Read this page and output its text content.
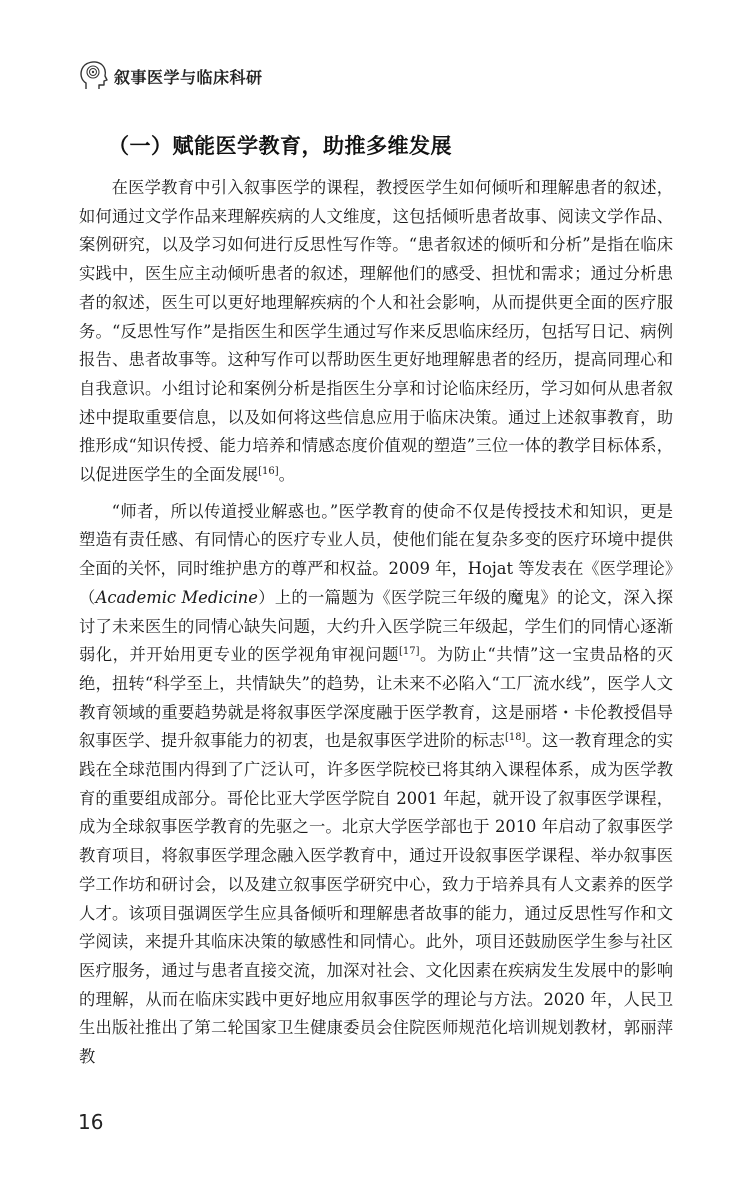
叙事医学与临床科研
（一）赋能医学教育，助推多维发展

在医学教育中引入叙事医学的课程，教授医学生如何倾听和理解患者的叙述，如何通过文学作品来理解疾病的人文维度，这包括倾听患者故事、阅读文学作品、案例研究，以及学习如何进行反思性写作等。“患者叙述的倾听和分析”是指在临床实践中，医生应主动倾听患者的叙述，理解他们的感受、担忧和需求；通过分析患者的叙述，医生可以更好地理解疾病的个人和社会影响，从而提供更全面的医疗服务。“反思性写作”是指医生和医学生通过写作来反思临床经历，包括写日记、病例报告、患者故事等。这种写作可以帮助医生更好地理解患者的经历，提高同理心和自我意识。小组讨论和案例分析是指医生分享和讨论临床经历，学习如何从患者叙述中提取重要信息，以及如何将这些信息应用于临床决策。通过上述叙事教育，助推形成“知识传授、能力培养和情感态度价值观的塑造”三位一体的教学目标体系，以促进医学生的全面发展[16]。

“师者，所以传道授业解惑也。”医学教育的使命不仅是传授技术和知识，更是塑造有责任感、有同情心的医疗专业人员，使他们能在复杂多变的医疗环境中提供全面的关怀，同时维护患方的尊严和权益。2009 年，Hojat 等发表在《医学理论》（Academic Medicine）上的一篇题为《医学院三年级的魔鬼》的论文，深入探讨了未来医生的同情心缺失问题，大约升入医学院三年级起，学生们的同情心逐渐弱化，并开始用更专业的医学视角审视问题[17]。为防止“共情”这一宝贵品格的灭绝，扭转“科学至上，共情缺失”的趋势，让未来不必陷入“工厂流水线”，医学人文教育领域的重要趋势就是将叙事医学深度融于医学教育，这是丽塔・卡伦教授倡导叙事医学、提升叙事能力的初衷，也是叙事医学进阶的标志[18]。这一教育理念的实践在全球范围内得到了广泛认可，许多医学院校已将其纳入课程体系，成为医学教育的重要组成部分。哥伦比亚大学医学院自 2001 年起，就开设了叙事医学课程，成为全球叙事医学教育的先驱之一。北京大学医学部也于 2010 年启动了叙事医学教育项目，将叙事医学理念融入医学教育中，通过开设叙事医学课程、举办叙事医学工作坊和研讨会，以及建立叙事医学研究中心，致力于培养具有人文素养的医学人才。该项目强调医学生应具备倾听和理解患者故事的能力，通过反思性写作和文学阅读，来提升其临床决策的敏感性和同情心。此外，项目还鼓励医学生参与社区医疗服务，通过与患者直接交流，加深对社会、文化因素在疾病发生发展中的影响的理解，从而在临床实践中更好地应用叙事医学的理论与方法。2020 年，人民卫生出版社推出了第二轮国家卫生健康委员会住院医师规范化培训规划教材，郭丽萍教

16
